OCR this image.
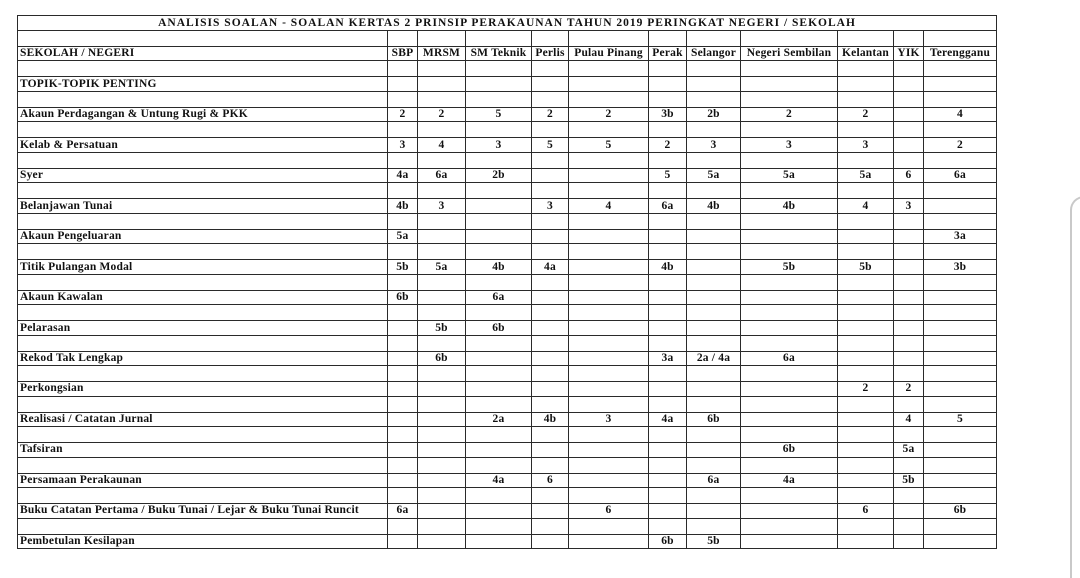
ANALISIS SOALAN - SOALAN KERTAS 2 PRINSIP PERAKAUNAN TAHUN 2019 PERINGKAT NEGERI / SEKOLAH											

SEKOLAH / NEGERI	SBP	MRSM	SM Teknik	Perlis	Pulau Pinang	Perak	Selangor	Negeri Sembilan	Kelantan	YIK	Terengganu

TOPIK-TOPIK PENTING											

Akaun Perdagangan & Untung Rugi & PKK	2	2	5	2	2	3b	2b	2	2		4

Kelab & Persatuan	3	4	3	5	5	2	3	3	3		2

Syer	4a	6a	2b			5	5a	5a	5a	6	6a

Belanjawan Tunai	4b	3		3	4	6a	4b	4b	4	3	

Akaun Pengeluaran	5a										3a

Titik Pulangan Modal	5b	5a	4b	4a		4b		5b	5b		3b

Akaun Kawalan	6b		6a								

Pelarasan		5b	6b								

Rekod Tak Lengkap		6b				3a	2a / 4a	6a			

Perkongsian									2	2	

Realisasi / Catatan Jurnal			2a	4b	3	4a	6b			4	5

Tafsiran								6b		5a	

Persamaan Perakaunan			4a	6			6a	4a		5b	

Buku Catatan Pertama / Buku Tunai / Lejar & Buku Tunai Runcit	6a				6				6		6b

Pembetulan Kesilapan						6b	5b				
